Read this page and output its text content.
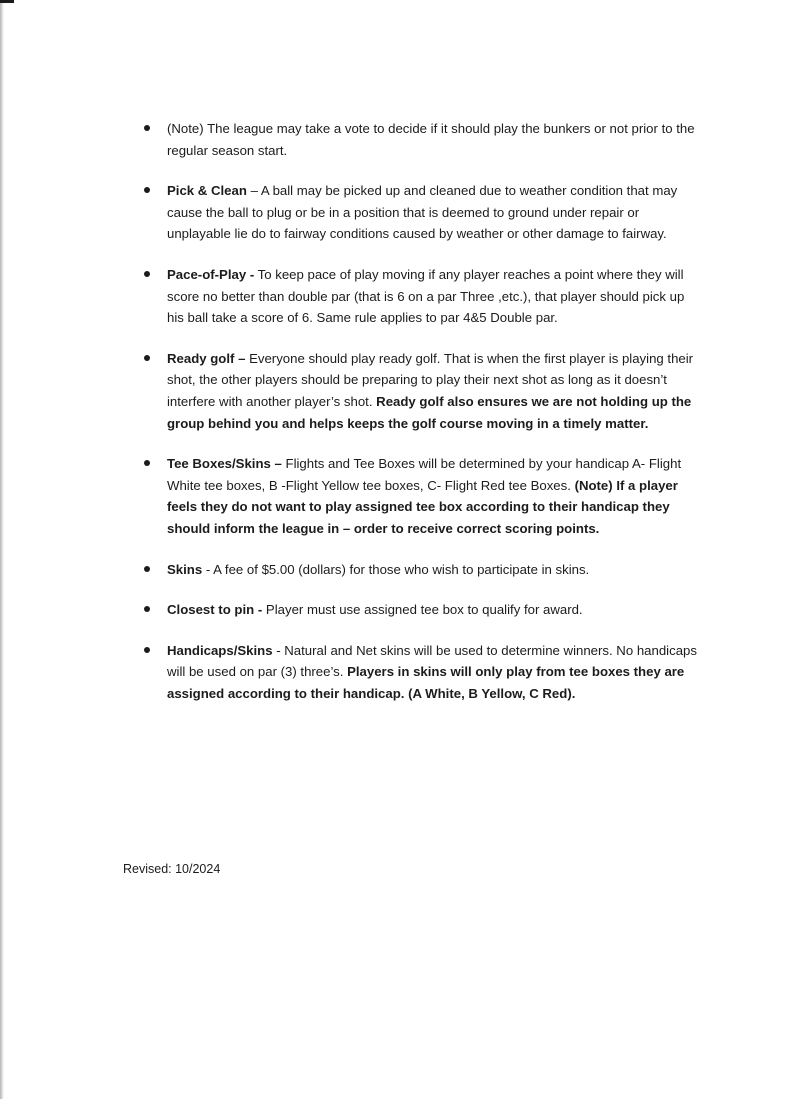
(Note) The league may take a vote to decide if it should play the bunkers or not prior to the regular season start.
Pick & Clean – A ball may be picked up and cleaned due to weather condition that may cause the ball to plug or be in a position that is deemed to ground under repair or unplayable lie do to fairway conditions caused by weather or other damage to fairway.
Pace-of-Play - To keep pace of play moving if any player reaches a point where they will score no better than double par (that is 6 on a par Three ,etc.), that player should pick up his ball take a score of 6. Same rule applies to par 4&5 Double par.
Ready golf – Everyone should play ready golf. That is when the first player is playing their shot, the other players should be preparing to play their next shot as long as it doesn’t interfere with another player’s shot. Ready golf also ensures we are not holding up the group behind you and helps keeps the golf course moving in a timely matter.
Tee Boxes/Skins – Flights and Tee Boxes will be determined by your handicap A- Flight White tee boxes, B -Flight Yellow tee boxes, C- Flight Red tee Boxes. (Note) If a player feels they do not want to play assigned tee box according to their handicap they should inform the league in – order to receive correct scoring points.
Skins - A fee of $5.00 (dollars) for those who wish to participate in skins.
Closest to pin - Player must use assigned tee box to qualify for award.
Handicaps/Skins - Natural and Net skins will be used to determine winners. No handicaps will be used on par (3) three’s. Players in skins will only play from tee boxes they are assigned according to their handicap. (A White, B Yellow, C Red).
Revised: 10/2024
